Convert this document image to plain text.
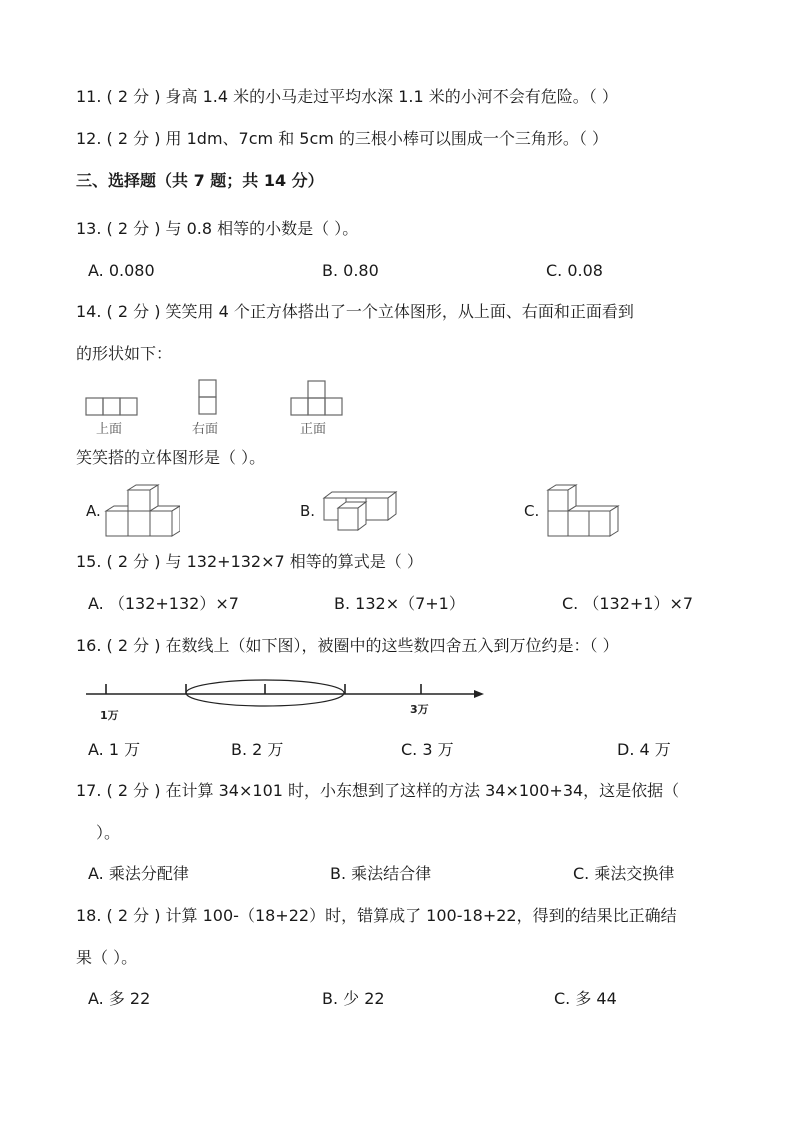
11. ( 2 分 ) 身高 1.4 米的小马走过平均水深 1.1 米的小河不会有危险。（ ）
12. ( 2 分 ) 用 1dm、7cm 和 5cm 的三根小棒可以围成一个三角形。（ ）
三、选择题（共 7 题；共 14 分）
13. ( 2 分 ) 与 0.8 相等的小数是（ ）。
A. 0.080	B. 0.80	C. 0.08
14. ( 2 分 ) 笑笑用 4 个正方体搭出了一个立体图形，从上面、右面和正面看到
的形状如下：
上面	右面	正面
笑笑搭的立体图形是（ ）。
A.	B.	C.
15. ( 2 分 ) 与 132+132×7 相等的算式是（ ）
A. （132+132）×7	B. 132×（7+1）	C. （132+1）×7
16. ( 2 分 ) 在数线上（如下图），被圈中的这些数四舍五入到万位约是：（ ）
1万	3万
A. 1 万	B. 2 万	C. 3 万	D. 4 万
17. ( 2 分 ) 在计算 34×101 时，小东想到了这样的方法 34×100+34，这是依据（
）。
A. 乘法分配律	B. 乘法结合律	C. 乘法交换律
18. ( 2 分 ) 计算 100-（18+22）时，错算成了 100-18+22，得到的结果比正确结
果（ ）。
A. 多 22	B. 少 22	C. 多 44
